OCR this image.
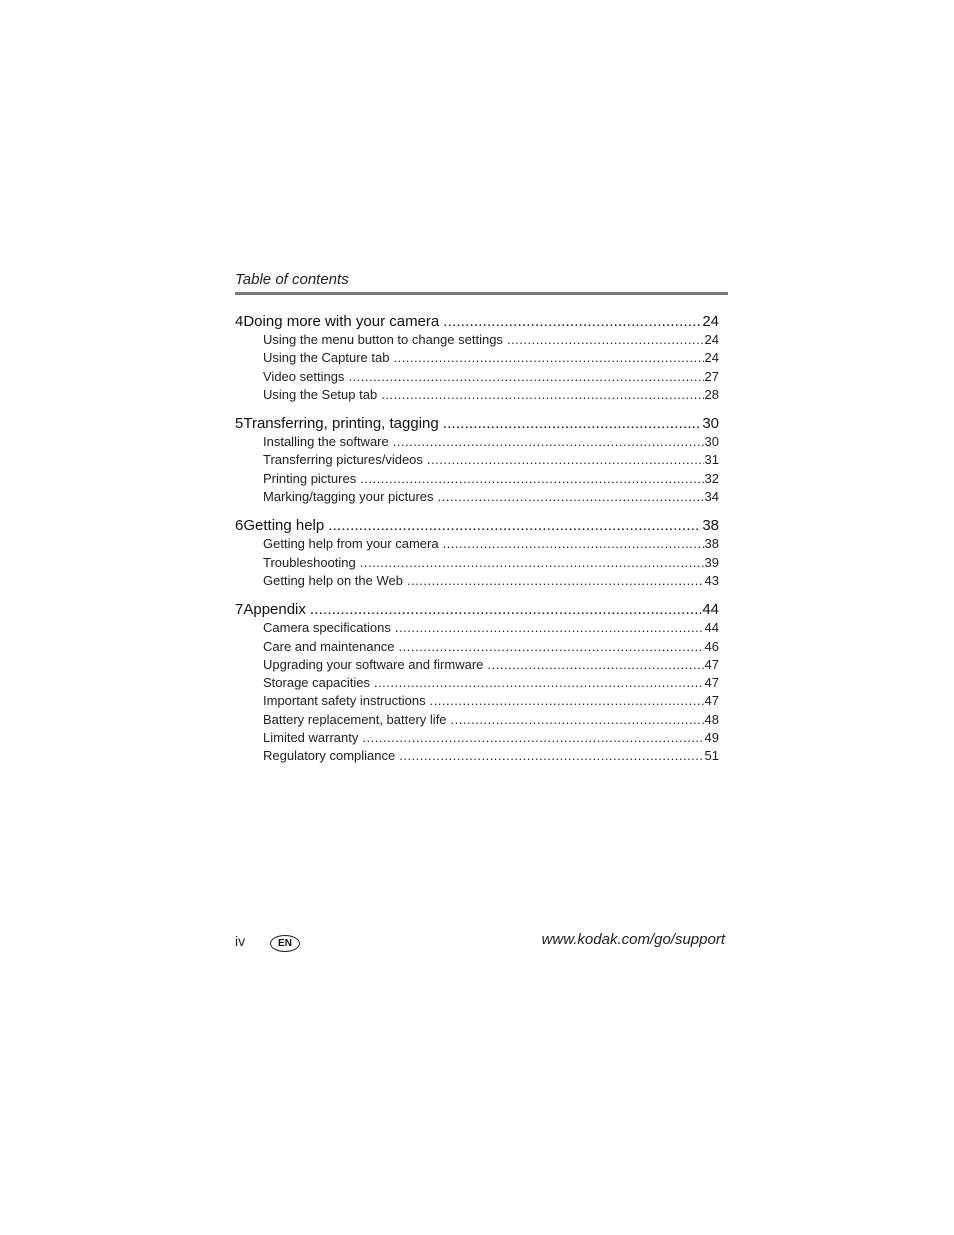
Table of contents
4 Doing more with your camera .....	24
Using the menu button to change settings .....	24
Using the Capture tab .....	24
Video settings .....	27
Using the Setup tab .....	28
5 Transferring, printing, tagging .....	30
Installing the software .....	30
Transferring pictures/videos .....	31
Printing pictures .....	32
Marking/tagging your pictures .....	34
6 Getting help .....	38
Getting help from your camera .....	38
Troubleshooting .....	39
Getting help on the Web .....	43
7 Appendix .....	44
Camera specifications .....	44
Care and maintenance .....	46
Upgrading your software and firmware .....	47
Storage capacities .....	47
Important safety instructions .....	47
Battery replacement, battery life .....	48
Limited warranty .....	49
Regulatory compliance .....	51
iv	EN	www.kodak.com/go/support
